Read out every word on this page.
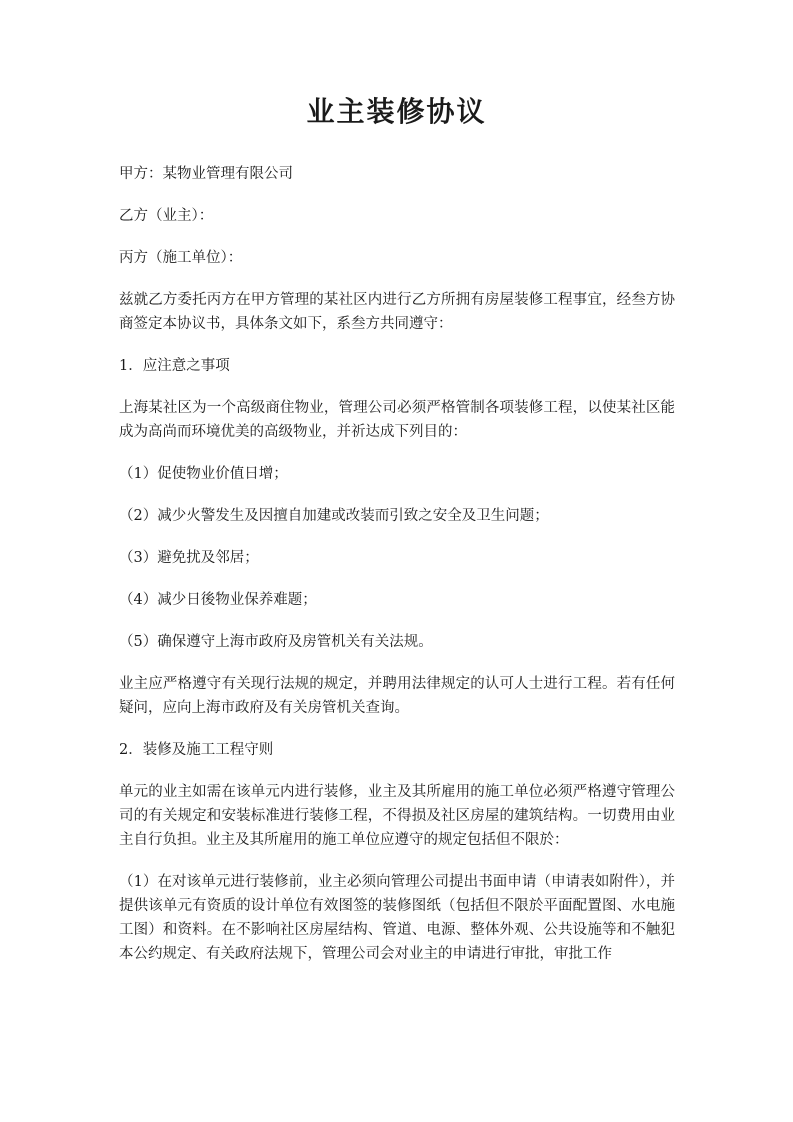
业主装修协议

甲方：某物业管理有限公司

乙方（业主）：

丙方（施工单位）：

兹就乙方委托丙方在甲方管理的某社区内进行乙方所拥有房屋装修工程事宜，经叁方协商签定本协议书，具体条文如下，系叁方共同遵守：

1．应注意之事项

上海某社区为一个高级商住物业，管理公司必须严格管制各项装修工程，以使某社区能成为高尚而环境优美的高级物业，并祈达成下列目的：

（1）促使物业价值日增；

（2）减少火警发生及因擅自加建或改装而引致之安全及卫生问题；

（3）避免扰及邻居；

（4）减少日後物业保养难题；

（5）确保遵守上海市政府及房管机关有关法规。

业主应严格遵守有关现行法规的规定，并聘用法律规定的认可人士进行工程。若有任何疑问，应向上海市政府及有关房管机关查询。

2．装修及施工工程守则

单元的业主如需在该单元内进行装修，业主及其所雇用的施工单位必须严格遵守管理公司的有关规定和安装标准进行装修工程，不得损及社区房屋的建筑结构。一切费用由业主自行负担。业主及其所雇用的施工单位应遵守的规定包括但不限於：

（1）在对该单元进行装修前，业主必须向管理公司提出书面申请（申请表如附件），并提供该单元有资质的设计单位有效图签的装修图纸（包括但不限於平面配置图、水电施工图）和资料。在不影响社区房屋结构、管道、电源、整体外观、公共设施等和不触犯本公约规定、有关政府法规下，管理公司会对业主的申请进行审批，审批工作
